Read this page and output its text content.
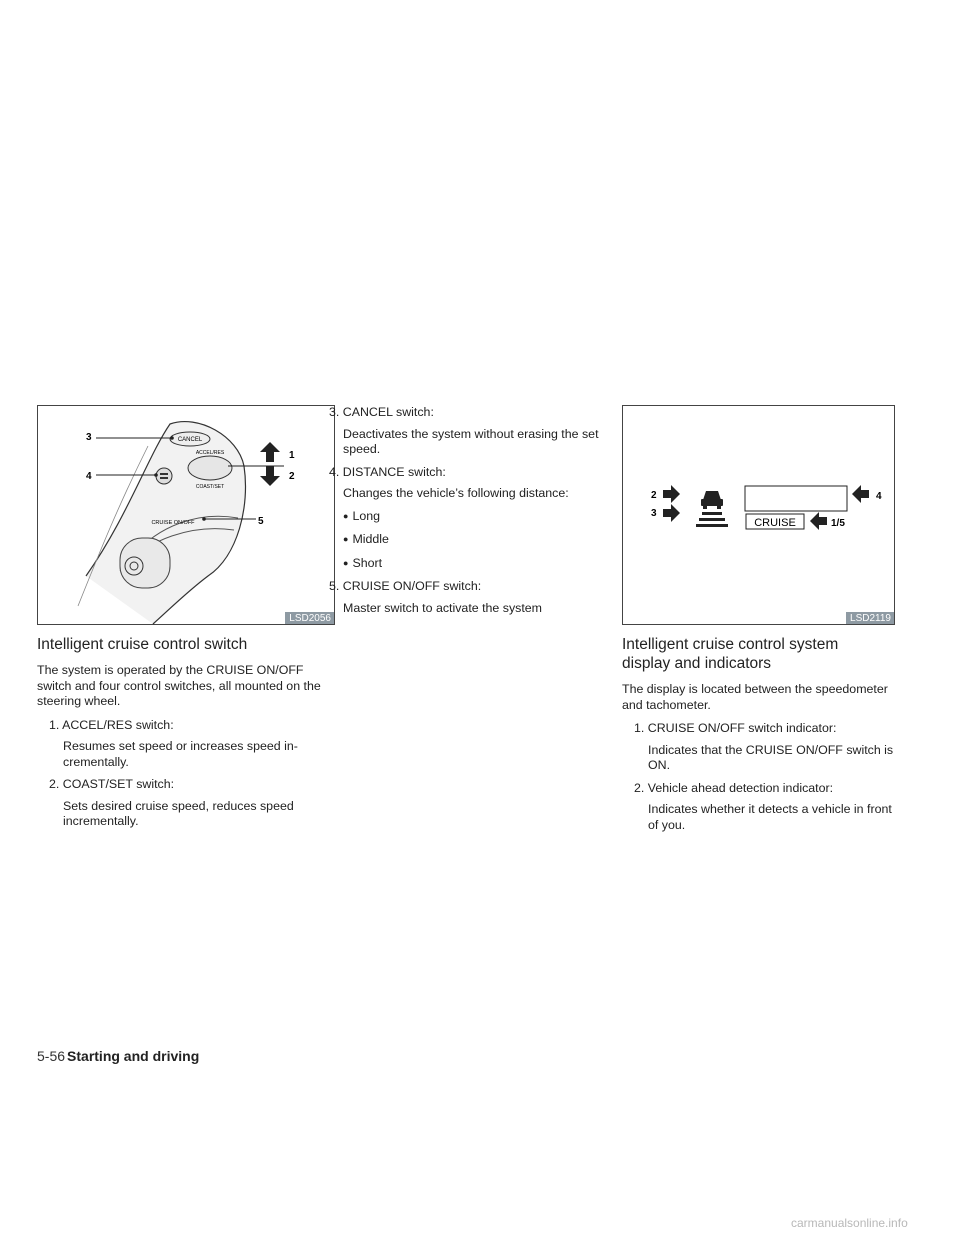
CANCEL
ACCEL/RES
COAST/SET
CRUISE ON/OFF
3
4
1
2
5
LSD2056
Intelligent cruise control switch

The system is operated by the CRUISE ON/OFF switch and four control switches, all mounted on the steering wheel.

1. ACCEL/RES switch:
Resumes set speed or increases speed in- crementally.
2. COAST/SET switch:
Sets desired cruise speed, reduces speed incrementally.
3. CANCEL switch:
Deactivates the system without erasing the set speed.
4. DISTANCE switch:
Changes the vehicle’s following distance:
● Long
● Middle
● Short
5. CRUISE ON/OFF switch:
Master switch to activate the system
2
3
4
CRUISE	1/5
LSD2119
Intelligent cruise control system
display and indicators

The display is located between the speedometer and tachometer.

1. CRUISE ON/OFF switch indicator:
Indicates that the CRUISE ON/OFF switch is ON.
2. Vehicle ahead detection indicator:
Indicates whether it detects a vehicle in front of you.
5-56 Starting and driving
carmanualsonline.info
